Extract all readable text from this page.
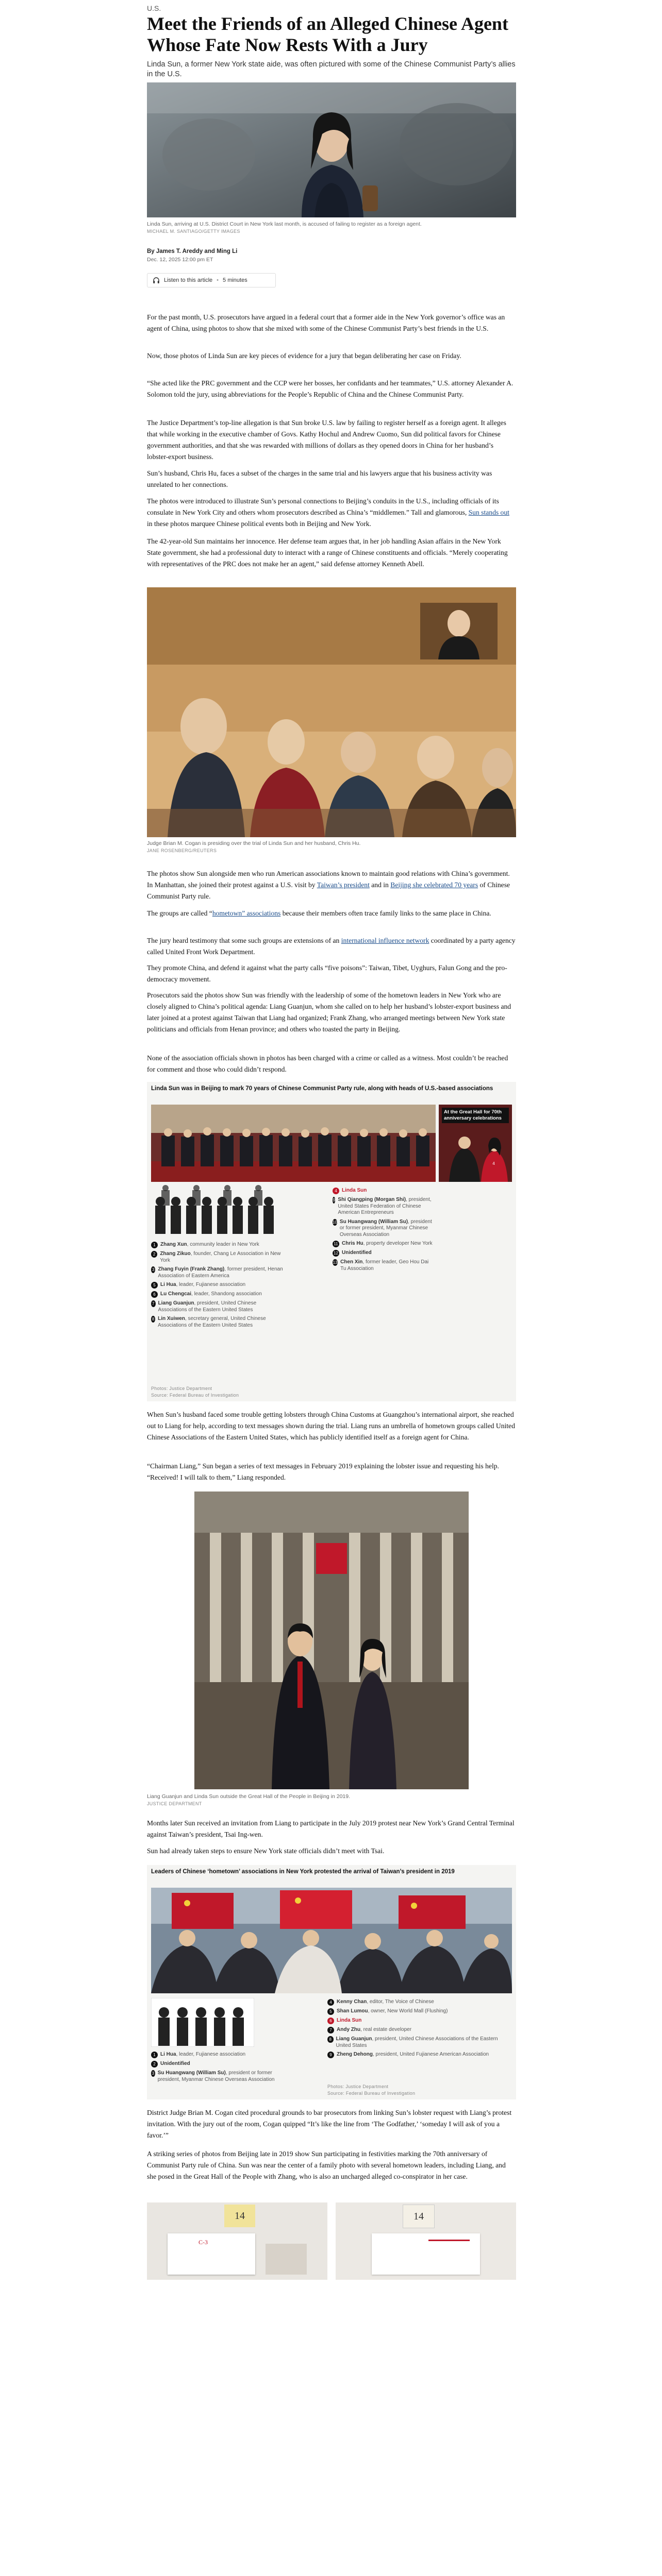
U.S.
Meet the Friends of an Alleged Chinese Agent Whose Fate Now Rests With a Jury
Linda Sun, a former New York state aide, was often pictured with some of the Chinese Communist Party’s allies in the U.S.
Linda Sun, arriving at U.S. District Court in New York last month, is accused of failing to register as a foreign agent.
MICHAEL M. SANTIAGO/GETTY IMAGES
By James T. Areddy and Ming Li
Dec. 12, 2025 12:00 pm ET
Listen to this article • 5 minutes

For the past month, U.S. prosecutors have argued in a federal court that a former aide in the New York governor’s office was an agent of China, using photos to show that she mixed with some of the Chinese Communist Party’s best friends in the U.S.

Now, those photos of Linda Sun are key pieces of evidence for a jury that began deliberating her case on Friday.

“She acted like the PRC government and the CCP were her bosses, her confidants and her teammates,” U.S. attorney Alexander A. Solomon told the jury, using abbreviations for the People’s Republic of China and the Chinese Communist Party.

The Justice Department’s top-line allegation is that Sun broke U.S. law by failing to register herself as a foreign agent. It alleges that while working in the executive chamber of Govs. Kathy Hochul and Andrew Cuomo, Sun did political favors for Chinese government authorities, and that she was rewarded with millions of dollars as they opened doors in China for her husband’s lobster-export business.

Sun’s husband, Chris Hu, faces a subset of the charges in the same trial and his lawyers argue that his business activity was unrelated to her connections.

The photos were introduced to illustrate Sun’s personal connections to Beijing’s conduits in the U.S., including officials of its consulate in New York City and others whom prosecutors described as China’s “middlemen.” Tall and glamorous, Sun stands out in these photos marquee Chinese political events both in Beijing and New York.

The 42-year-old Sun maintains her innocence. Her defense team argues that, in her job handling Asian affairs in the New York State government, she had a professional duty to interact with a range of Chinese constituents and officials. “Merely cooperating with representatives of the PRC does not make her an agent,” said defense attorney Kenneth Abell.

Judge Brian M. Cogan is presiding over the trial of Linda Sun and her husband, Chris Hu.
JANE ROSENBERG/REUTERS

The photos show Sun alongside men who run American associations known to maintain good relations with China’s government. In Manhattan, she joined their protest against a U.S. visit by Taiwan’s president and in Beijing she celebrated 70 years of Chinese Communist Party rule.

The groups are called “hometown” associations because their members often trace family links to the same place in China.

The jury heard testimony that some such groups are extensions of an international influence network coordinated by a party agency called United Front Work Department.

They promote China, and defend it against what the party calls “five poisons”: Taiwan, Tibet, Uyghurs, Falun Gong and the pro-democracy movement.

Prosecutors said the photos show Sun was friendly with the leadership of some of the hometown leaders in New York who are closely aligned to China’s political agenda: Liang Guanjun, whom she called on to help her husband’s lobster-export business and later joined at a protest against Taiwan that Liang had organized; Frank Zhang, who arranged meetings between New York state politicians and officials from Henan province; and others who toasted the party in Beijing.

None of the association officials shown in photos has been charged with a crime or called as a witness. Most couldn’t be reached for comment and those who could didn’t respond.

Linda Sun was in Beijing to mark 70 years of Chinese Communist Party rule, along with heads of U.S.-based associations
At the Great Hall for 70th anniversary celebrations
4
1 Zhang Xun, community leader in New York
2 Zhang Zikuo, founder, Chang Le Association in New York
3 Zhang Fuyin (Frank Zhang), former president, Henan Association of Eastern America
5 Li Hua, leader, Fujianese association
6 Lu Chengcai, leader, Shandong association
7 Liang Guanjun, president, United Chinese Associations of the Eastern United States
8 Lin Xuiwen, secretary general, United Chinese Associations of the Eastern United States
4 Linda Sun
9 Shi Qiangping (Morgan Shi), president, United States Federation of Chinese American Entrepreneurs
10 Su Huangwang (William Su), president or former president, Myanmar Chinese Overseas Association
11 Chris Hu, property developer New York
12 Unidentified
13 Chen Xin, former leader, Geo Hou Dai Tu Association
Photos: Justice Department
Source: Federal Bureau of Investigation

When Sun’s husband faced some trouble getting lobsters through China Customs at Guangzhou’s international airport, she reached out to Liang for help, according to text messages shown during the trial. Liang runs an umbrella of hometown groups called United Chinese Associations of the Eastern United States, which has publicly identified itself as a foreign agent for China.

“Chairman Liang,” Sun began a series of text messages in February 2019 explaining the lobster issue and requesting his help. “Received! I will talk to them,” Liang responded.

Liang Guanjun and Linda Sun outside the Great Hall of the People in Beijing in 2019.
JUSTICE DEPARTMENT

Months later Sun received an invitation from Liang to participate in the July 2019 protest near New York’s Grand Central Terminal against Taiwan’s president, Tsai Ing-wen.

Sun had already taken steps to ensure New York state officials didn’t meet with Tsai.

Leaders of Chinese ‘hometown’ associations in New York protested the arrival of Taiwan’s president in 2019
1 Li Hua, leader, Fujianese association
2 Unidentified
3 Su Huangwang (William Su), president or former president, Myanmar Chinese Overseas Association
4 Kenny Chan, editor, The Voice of Chinese
5 Shan Lumou, owner, New World Mall (Flushing)
6 Linda Sun
7 Andy Zhu, real estate developer
8 Liang Guanjun, president, United Chinese Associations of the Eastern United States
9 Zheng Dehong, president, United Fujianese American Association
Photos: Justice Department
Source: Federal Bureau of Investigation

District Judge Brian M. Cogan cited procedural grounds to bar prosecutors from linking Sun’s lobster request with Liang’s protest invitation. With the jury out of the room, Cogan quipped “It’s like the line from ‘The Godfather,’ ‘someday I will ask of you a favor.’”

A striking series of photos from Beijing late in 2019 show Sun participating in festivities marking the 70th anniversary of Communist Party rule of China. Sun was near the center of a family photo with several hometown leaders, including Liang, and she posed in the Great Hall of the People with Zhang, who is also an uncharged alleged co-conspirator in her case.

14
C-3
14
